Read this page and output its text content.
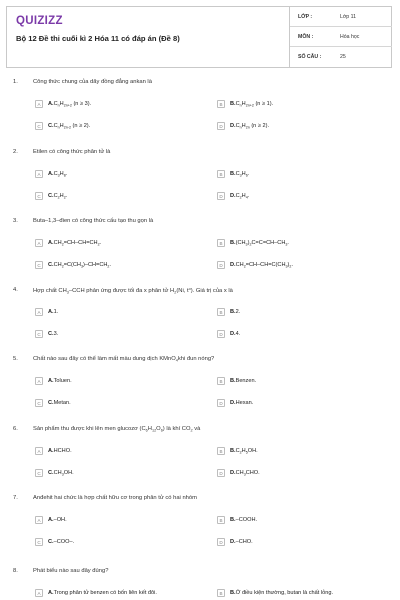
QUIZIZZ
Bộ 12 Đề thi cuối kì 2 Hóa 11 có đáp án (Đề 8)
LỚP :	Lớp 11
MÔN :	Hóa học
SỐ CÂU :	25
1.	Công thức chung của dãy đồng đẳng ankan là
A	A. $C_nH_{2n+2}$ (n ≥ 3).	B	B. $C_nH_{2n+2}$ (n ≥ 1).
C	C. $C_nH_{2n-2}$ (n ≥ 2).	D	D. $C_nH_{2n}$ (n ≥ 2).
2.	Etilen có công thức phân tử là
A	A. $C_3H_8$.	B	B. $C_3H_6$.
C	C. $C_2H_2$.	D	D. $C_2H_4$.
3.	Buta–1,3–đien có công thức cấu tạo thu gọn là
A	A. $CH_2=CH-CH=CH_2$.	B	B. $(CH_3)_2C=C=CH-CH_3$.
C	C. $CH_2=C(CH_3)-CH=CH_2$.	D	D. $CH_2=CH-CH=C(CH_3)_2$.
4.	Hợp chất $CH_3$–CCH phản ứng được tối đa x phân tử $H_2(Ni$, $t^o$). Giá trị của x là
A	A. 1.	B	B. 2.
C	C. 3.	D	D. 4.
5.	Chất nào sau đây có thể làm mất màu dung dịch KMnO$_4$khi đun nóng?
A	A. Toluen.	B	B. Benzen.
C	C. Metan.	D	D. Hexan.
6.	Sản phẩm thu được khi lên men glucozơ $(C_6H_{12}O_6)$ là khí $CO_2$ và
A	A. HCHO.	B	B. $C_2H_5OH$.
C	C. $CH_3OH$.	D	D. $CH_3CHO$.
7.	Anđehit hai chức là hợp chất hữu cơ trong phân tử có hai nhóm
A	A. –OH.	B	B. –COOH.
C	C. –COO–.	D	D. –CHO.
8.	Phát biểu nào sau đây đúng?
A	A. Trong phân tử benzen có bốn liên kết đôi.	B	B. Ở điều kiện thường, butan là chất lỏng.
